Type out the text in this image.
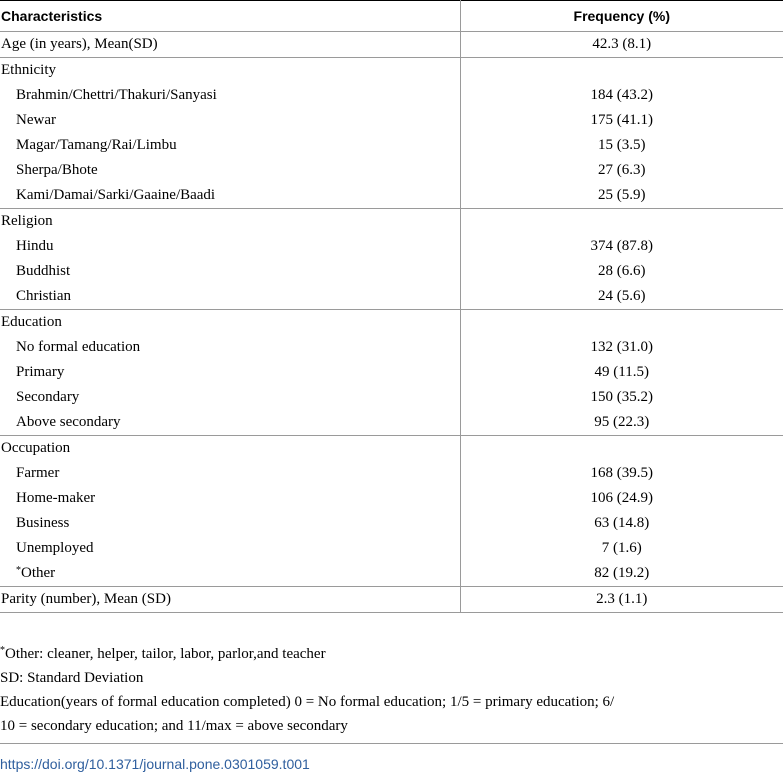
Characteristics	Frequency (%)
Age (in years), Mean(SD)	42.3 (8.1)
Ethnicity	
Brahmin/Chettri/Thakuri/Sanyasi	184 (43.2)
Newar	175 (41.1)
Magar/Tamang/Rai/Limbu	15 (3.5)
Sherpa/Bhote	27 (6.3)
Kami/Damai/Sarki/Gaaine/Baadi	25 (5.9)
Religion	
Hindu	374 (87.8)
Buddhist	28 (6.6)
Christian	24 (5.6)
Education	
No formal education	132 (31.0)
Primary	49 (11.5)
Secondary	150 (35.2)
Above secondary	95 (22.3)
Occupation	
Farmer	168 (39.5)
Home-maker	106 (24.9)
Business	63 (14.8)
Unemployed	7 (1.6)
*Other	82 (19.2)
Parity (number), Mean (SD)	2.3 (1.1)

*Other: cleaner, helper, tailor, labor, parlor,and teacher

SD: Standard Deviation

Education(years of formal education completed) 0 = No formal education; 1/5 = primary education; 6/

10 = secondary education; and 11/max = above secondary

https://doi.org/10.1371/journal.pone.0301059.t001
